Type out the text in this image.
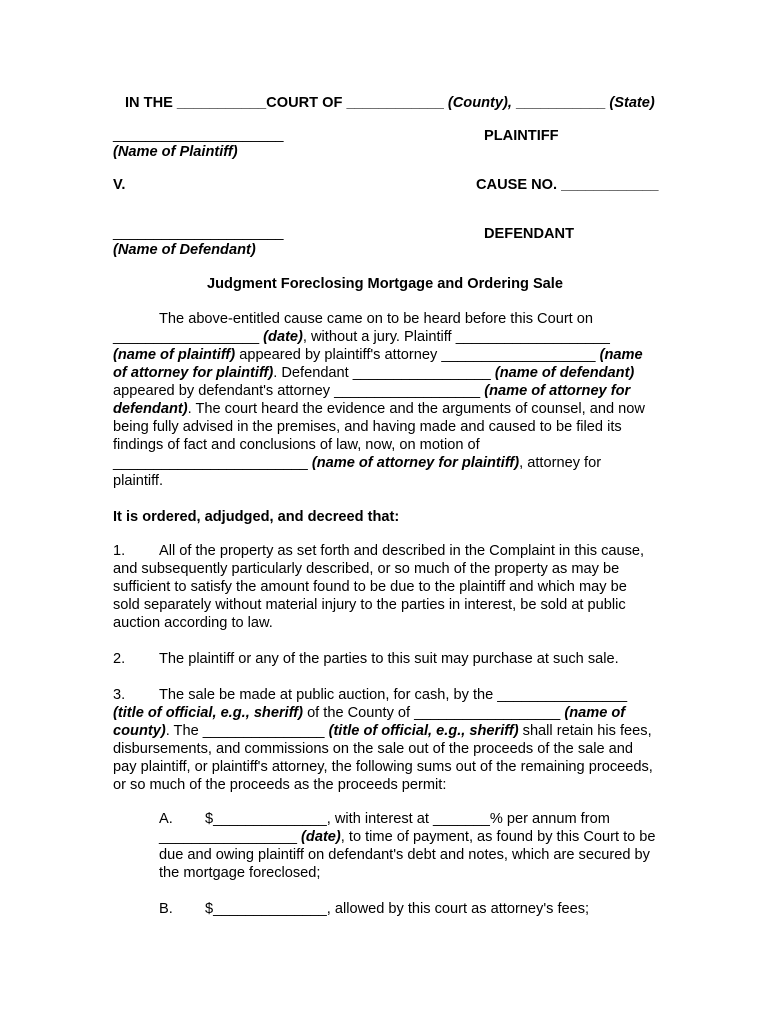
IN THE ___________COURT OF ____________ (County), ___________ (State)
_____________________	PLAINTIFF
(Name of Plaintiff)
V.	CAUSE NO. ____________
_____________________	DEFENDANT
(Name of Defendant)
Judgment Foreclosing Mortgage and Ordering Sale

The above-entitled cause came on to be heard before this Court on

__________________ (date), without a jury. Plaintiff ___________________ (name of plaintiff) appeared by plaintiff's attorney ___________________ (name of attorney for plaintiff). Defendant _________________ (name of defendant) appeared by defendant's attorney __________________ (name of attorney for defendant). The court heard the evidence and the arguments of counsel, and now being fully advised in the premises, and having made and caused to be filed its findings of fact and conclusions of law, now, on motion of ________________________ (name of attorney for plaintiff), attorney for plaintiff.

It is ordered, adjudged, and decreed that:

1. All of the property as set forth and described in the Complaint in this cause, and subsequently particularly described, or so much of the property as may be sufficient to satisfy the amount found to be due to the plaintiff and which may be sold separately without material injury to the parties in interest, be sold at public auction according to law.

2. The plaintiff or any of the parties to this suit may purchase at such sale.

3. The sale be made at public auction, for cash, by the ________________ (title of official, e.g., sheriff) of the County of __________________ (name of county). The _______________ (title of official, e.g., sheriff) shall retain his fees, disbursements, and commissions on the sale out of the proceeds of the sale and pay plaintiff, or plaintiff's attorney, the following sums out of the remaining proceeds, or so much of the proceeds as the proceeds permit:

A. $______________, with interest at _______% per annum from _________________ (date), to time of payment, as found by this Court to be due and owing plaintiff on defendant's debt and notes, which are secured by the mortgage foreclosed;

B. $______________, allowed by this court as attorney's fees;
